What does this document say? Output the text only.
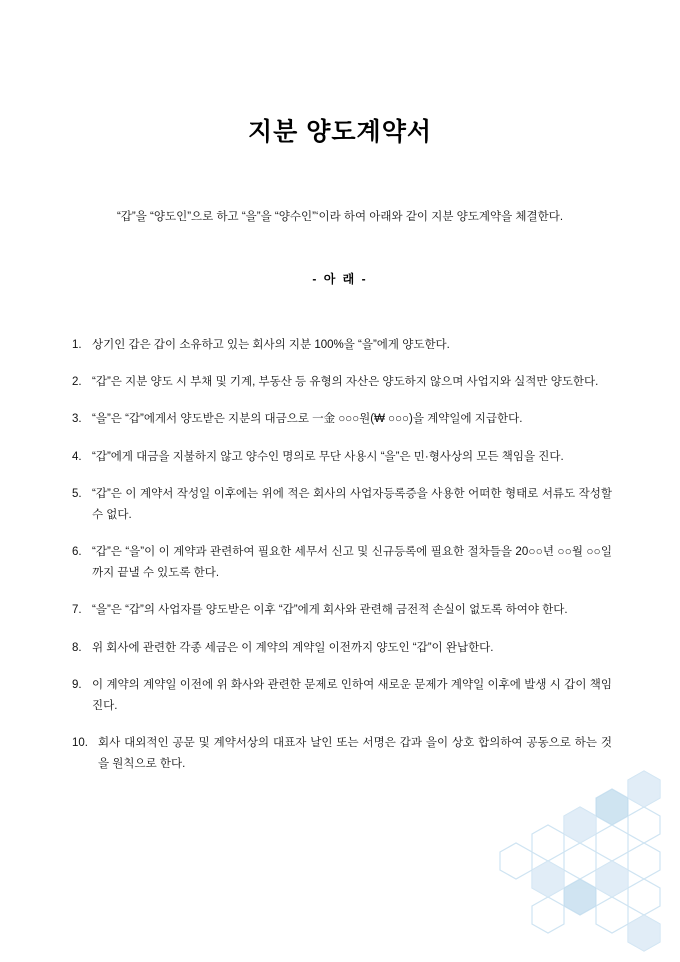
지분 양도계약서

“갑”을 “양도인”으로 하고 “을”을 “양수인”‘이라 하여 아래와 같이 지분 양도계약을 체결한다.

- 아 래 -

1. 상기인 갑은 갑이 소유하고 있는 회사의 지분 100%을 “을”에게 양도한다.
2. “갑”은 지분 양도 시 부채 및 기계, 부동산 등 유형의 자산은 양도하지 않으며 사업지와 실적만 양도한다.
3. “을”은 “갑”에게서 양도받은 지분의 대금으로 一金 ○○○원(₩ ○○○)을 계약일에 지급한다.
4. “갑”에게 대금을 지불하지 않고 양수인 명의로 무단 사용시 “을”은 민·형사상의 모든 책임을 진다.
5. “갑”은 이 계약서 작성일 이후에는 위에 적은 회사의 사업자등록증을 사용한 어떠한 형태로 서류도 작성할 수 없다.
6. “갑”은 “을”이 이 계약과 관련하여 필요한 세무서 신고 및 신규등록에 필요한 절차들을 20○○년 ○○월 ○○일까지 끝낼 수 있도록 한다.
7. “을”은 “갑”의 사업자를 양도받은 이후 “갑”에게 회사와 관련해 금전적 손실이 없도록 하여야 한다.
8. 위 회사에 관련한 각종 세금은 이 계약의 계약일 이전까지 양도인 “갑”이 완납한다.
9. 이 계약의 계약일 이전에 위 화사와 관련한 문제로 인하여 새로운 문제가 계약일 이후에 발생 시 갑이 책임진다.
10. 회사 대외적인 공문 및 계약서상의 대표자 날인 또는 서명은 갑과 을이 상호 합의하여 공동으로 하는 것을 원칙으로 한다.
